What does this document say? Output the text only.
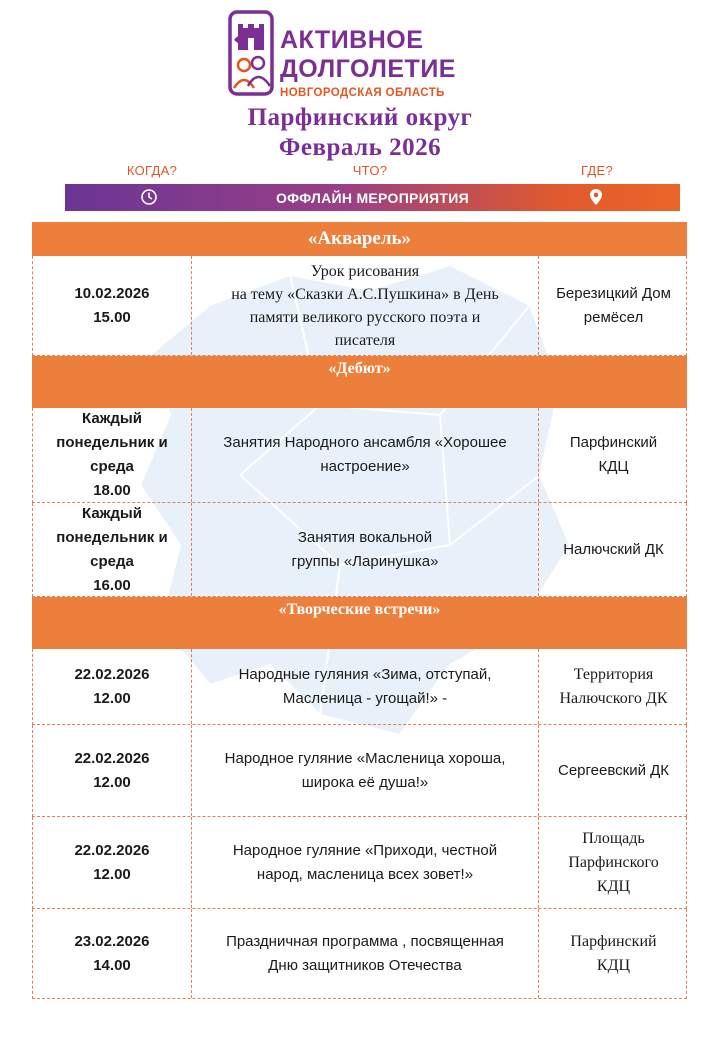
АКТИВНОЕ
ДОЛГОЛЕТИЕ
НОВГОРОДСКАЯ ОБЛАСТЬ
Парфинский округ
Февраль 2026
КОГДА?	ЧТО?	ГДЕ?
ОФФЛАЙН МЕРОПРИЯТИЯ
«Акварель»
10.02.2026
15.00
Урок рисования
на тему «Сказки А.С.Пушкина» в День
памяти великого русского поэта и
писателя
Березицкий Дом
ремёсел
«Дебют»
Каждый
понедельник и
среда
18.00
Занятия Народного ансамбля «Хорошее
настроение»
Парфинский
КДЦ
Каждый
понедельник и
среда
16.00
Занятия вокальной
группы «Ларинушка»
Налючский ДК
«Творческие встречи»
22.02.2026
12.00
Народные гуляния «Зима, отступай,
Масленица - угощай!» -
Территория
Налючского ДК
22.02.2026
12.00
Народное гуляние «Масленица хороша,
широка её душа!»
Сергеевский ДК
22.02.2026
12.00
Народное гуляние «Приходи, честной
народ, масленица всех зовет!»
Площадь
Парфинского
КДЦ
23.02.2026
14.00
Праздничная программа , посвященная
Дню защитников Отечества
Парфинский
КДЦ
